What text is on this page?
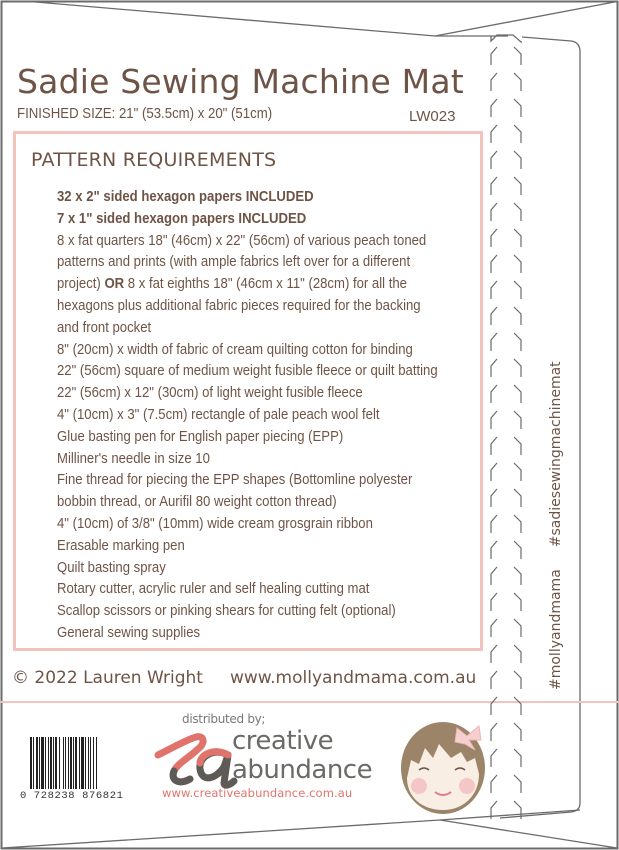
Sadie Sewing Machine Mat
FINISHED SIZE: 21" (53.5cm) x 20" (51cm)	LW023
PATTERN REQUIREMENTS
32 x 2" sided hexagon papers INCLUDED
7 x 1" sided hexagon papers INCLUDED
8 x fat quarters 18" (46cm) x 22" (56cm) of various peach toned
patterns and prints (with ample fabrics left over for a different
project) OR 8 x fat eighths 18" (46cm x 11" (28cm) for all the
hexagons plus additional fabric pieces required for the backing
and front pocket
8" (20cm) x width of fabric of cream quilting cotton for binding
22" (56cm) square of medium weight fusible fleece or quilt batting
22" (56cm) x 12" (30cm) of light weight fusible fleece
4" (10cm) x 3" (7.5cm) rectangle of pale peach wool felt
Glue basting pen for English paper piecing (EPP)
Milliner's needle in size 10
Fine thread for piecing the EPP shapes (Bottomline polyester
bobbin thread, or Aurifil 80 weight cotton thread)
4" (10cm) of 3/8" (10mm) wide cream grosgrain ribbon
Erasable marking pen
Quilt basting spray
Rotary cutter, acrylic ruler and self healing cutting mat
Scallop scissors or pinking shears for cutting felt (optional)
General sewing supplies
© 2022 Lauren Wright www.mollyandmama.com.au	#mollyandmama#sadiesewingmachinemat
0 728238 876821
distributed by;
creative
abundance
www.creativeabundance.com.au
